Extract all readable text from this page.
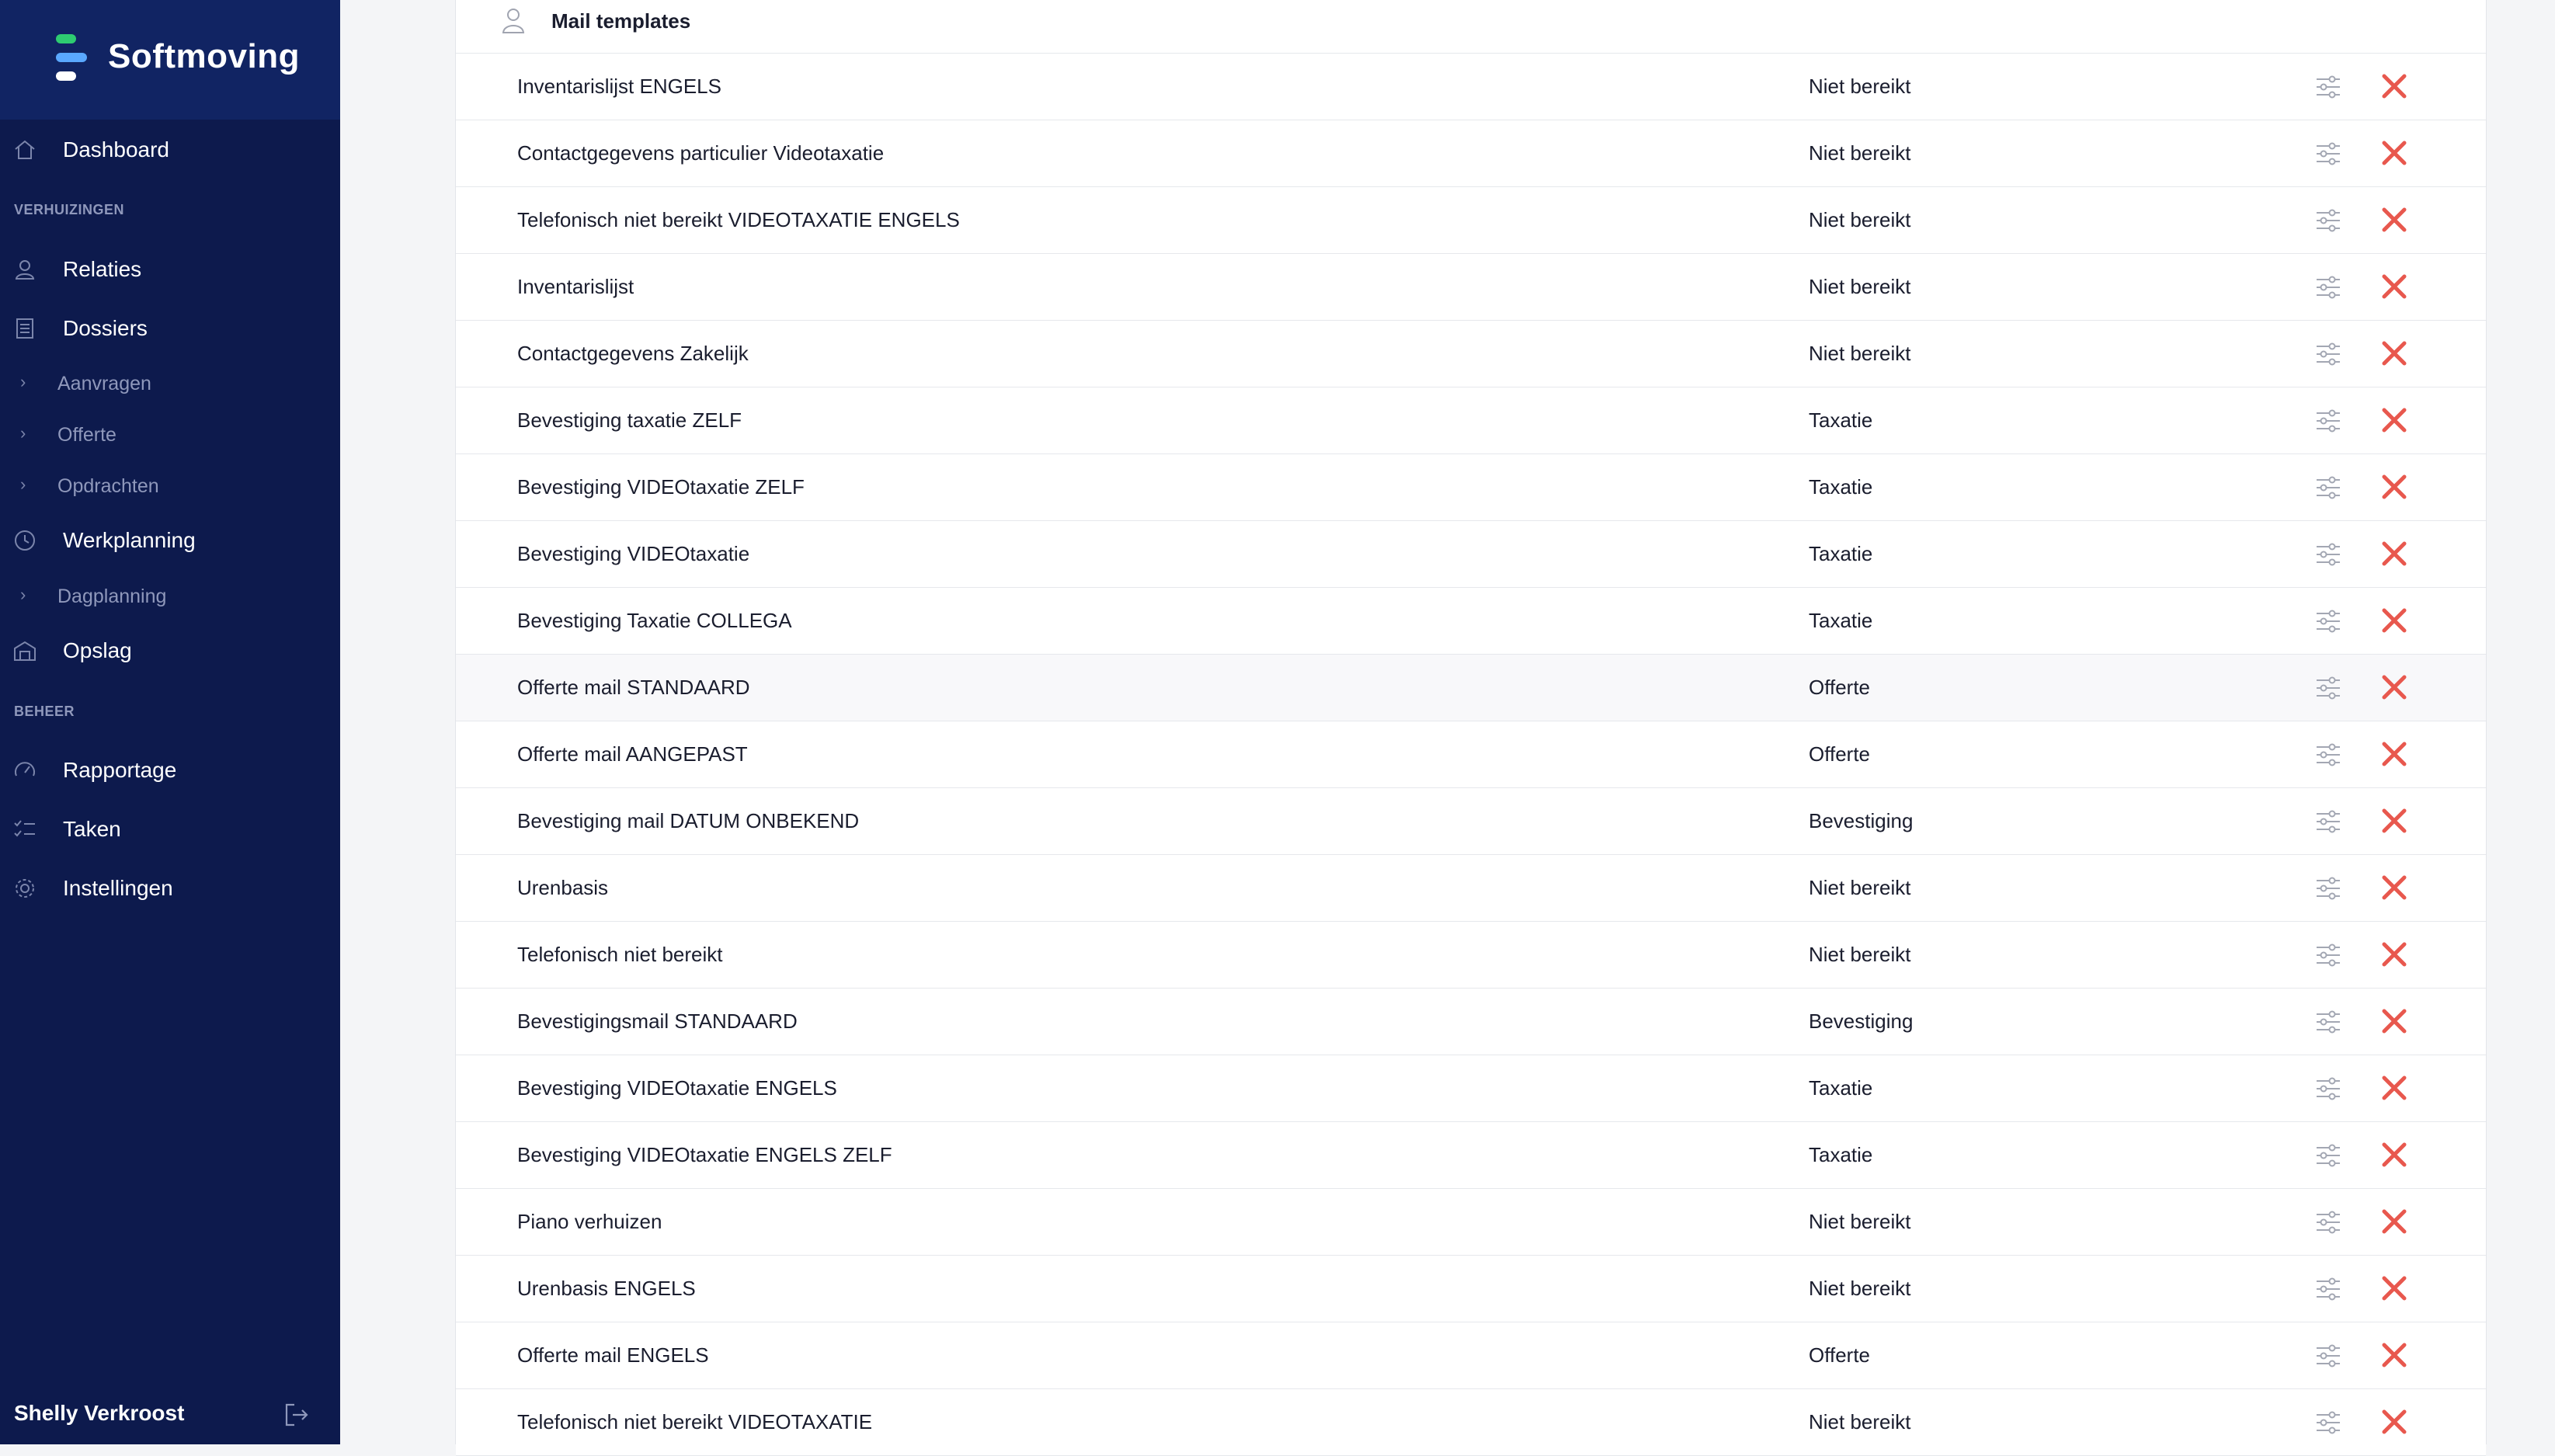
Softmoving
Dashboard
VERHUIZINGEN
Relaties
Dossiers
› Aanvragen
› Offerte
› Opdrachten
Werkplanning
› Dagplanning
Opslag
BEHEER
Rapportage
Taken
Instellingen
Shelly Verkroost
Mail templates
Inventarislijst ENGELS	Niet bereikt
Contactgegevens particulier Videotaxatie	Niet bereikt
Telefonisch niet bereikt VIDEOTAXATIE ENGELS	Niet bereikt
Inventarislijst	Niet bereikt
Contactgegevens Zakelijk	Niet bereikt
Bevestiging taxatie ZELF	Taxatie
Bevestiging VIDEOtaxatie ZELF	Taxatie
Bevestiging VIDEOtaxatie	Taxatie
Bevestiging Taxatie COLLEGA	Taxatie
Offerte mail STANDAARD	Offerte
Offerte mail AANGEPAST	Offerte
Bevestiging mail DATUM ONBEKEND	Bevestiging
Urenbasis	Niet bereikt
Telefonisch niet bereikt	Niet bereikt
Bevestigingsmail STANDAARD	Bevestiging
Bevestiging VIDEOtaxatie ENGELS	Taxatie
Bevestiging VIDEOtaxatie ENGELS ZELF	Taxatie
Piano verhuizen	Niet bereikt
Urenbasis ENGELS	Niet bereikt
Offerte mail ENGELS	Offerte
Telefonisch niet bereikt VIDEOTAXATIE	Niet bereikt
